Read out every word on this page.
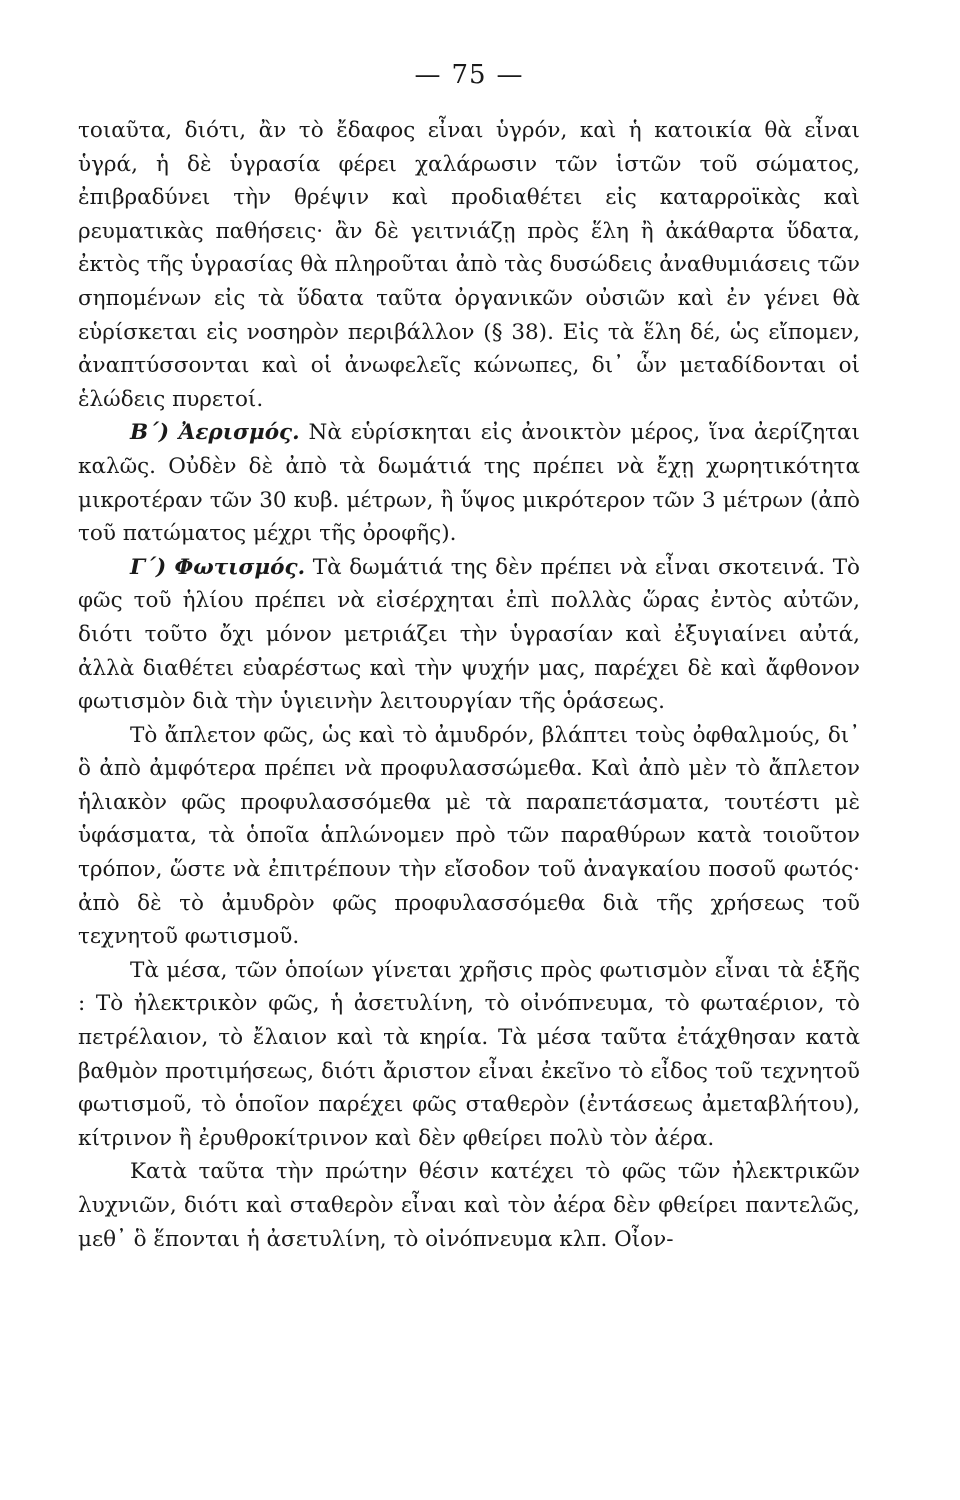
— 75 —

τοιαῦτα, διότι, ἂν τὸ ἔδαφος εἶναι ὑγρόν, καὶ ἡ κατοικία θὰ εἶναι ὑγρά, ἡ δὲ ὑγρασία φέρει χαλάρωσιν τῶν ἱστῶν τοῦ σώματος, ἐπιβραδύνει τὴν θρέψιν καὶ προδιαθέτει εἰς καταρροϊκὰς καὶ ρευματικὰς παθήσεις· ἂν δὲ γειτνιάζῃ πρὸς ἕλη ἢ ἀκάθαρτα ὕδατα, ἐκτὸς τῆς ὑγρασίας θὰ πληροῦται ἀπὸ τὰς δυσώδεις ἀναθυμιάσεις τῶν σηπομένων εἰς τὰ ὕδατα ταῦτα ὀργανικῶν οὐσιῶν καὶ ἐν γένει θὰ εὑρίσκεται εἰς νοσηρὸν περιβάλλον (§ 38). Εἰς τὰ ἕλη δέ, ὡς εἴπομεν, ἀναπτύσσονται καὶ οἱ ἀνωφελεῖς κώνωπες, δι᾽ ὧν μεταδίδονται οἱ ἑλώδεις πυρετοί.

Β΄) Ἀερισμός. Νὰ εὑρίσκηται εἰς ἀνοικτὸν μέρος, ἵνα ἀερίζηται καλῶς. Οὐδὲν δὲ ἀπὸ τὰ δωμάτιά της πρέπει νὰ ἔχῃ χωρητικότητα μικροτέραν τῶν 30 κυβ. μέτρων, ἢ ὕψος μικρότερον τῶν 3 μέτρων (ἀπὸ τοῦ πατώματος μέχρι τῆς ὀροφῆς).

Γ΄) Φωτισμός. Τὰ δωμάτιά της δὲν πρέπει νὰ εἶναι σκοτεινά. Τὸ φῶς τοῦ ἡλίου πρέπει νὰ εἰσέρχηται ἐπὶ πολλὰς ὥρας ἐντὸς αὐτῶν, διότι τοῦτο ὄχι μόνον μετριάζει τὴν ὑγρασίαν καὶ ἐξυγιαίνει αὐτά, ἀλλὰ διαθέτει εὐαρέστως καὶ τὴν ψυχήν μας, παρέχει δὲ καὶ ἄφθονον φωτισμὸν διὰ τὴν ὑγιεινὴν λειτουργίαν τῆς ὁράσεως.

Τὸ ἄπλετον φῶς, ὡς καὶ τὸ ἀμυδρόν, βλάπτει τοὺς ὀφθαλμούς, δι᾽ ὃ ἀπὸ ἀμφότερα πρέπει νὰ προφυλασσώμεθα. Καὶ ἀπὸ μὲν τὸ ἄπλετον ἡλιακὸν φῶς προφυλασσόμεθα μὲ τὰ παραπετάσματα, τουτέστι μὲ ὑφάσματα, τὰ ὁποῖα ἁπλώνομεν πρὸ τῶν παραθύρων κατὰ τοιοῦτον τρόπον, ὥστε νὰ ἐπιτρέπουν τὴν εἴσοδον τοῦ ἀναγκαίου ποσοῦ φωτός· ἀπὸ δὲ τὸ ἀμυδρὸν φῶς προφυλασσόμεθα διὰ τῆς χρήσεως τοῦ τεχνητοῦ φωτισμοῦ.

Τὰ μέσα, τῶν ὁποίων γίνεται χρῆσις πρὸς φωτισμὸν εἶναι τὰ ἑξῆς : Τὸ ἠλεκτρικὸν φῶς, ἡ ἀσετυλίνη, τὸ οἰνόπνευμα, τὸ φωταέριον, τὸ πετρέλαιον, τὸ ἔλαιον καὶ τὰ κηρία. Τὰ μέσα ταῦτα ἐτάχθησαν κατὰ βαθμὸν προτιμήσεως, διότι ἄριστον εἶναι ἐκεῖνο τὸ εἶδος τοῦ τεχνητοῦ φωτισμοῦ, τὸ ὁποῖον παρέχει φῶς σταθερὸν (ἐντάσεως ἀμεταβλήτου), κίτρινον ἢ ἐρυθροκίτρινον καὶ δὲν φθείρει πολὺ τὸν ἀέρα.

Κατὰ ταῦτα τὴν πρώτην θέσιν κατέχει τὸ φῶς τῶν ἠλεκτρικῶν λυχνιῶν, διότι καὶ σταθερὸν εἶναι καὶ τὸν ἀέρα δὲν φθείρει παντελῶς, μεθ᾽ ὃ ἕπονται ἡ ἀσετυλίνη, τὸ οἰνόπνευμα κλπ. Οἶον-
